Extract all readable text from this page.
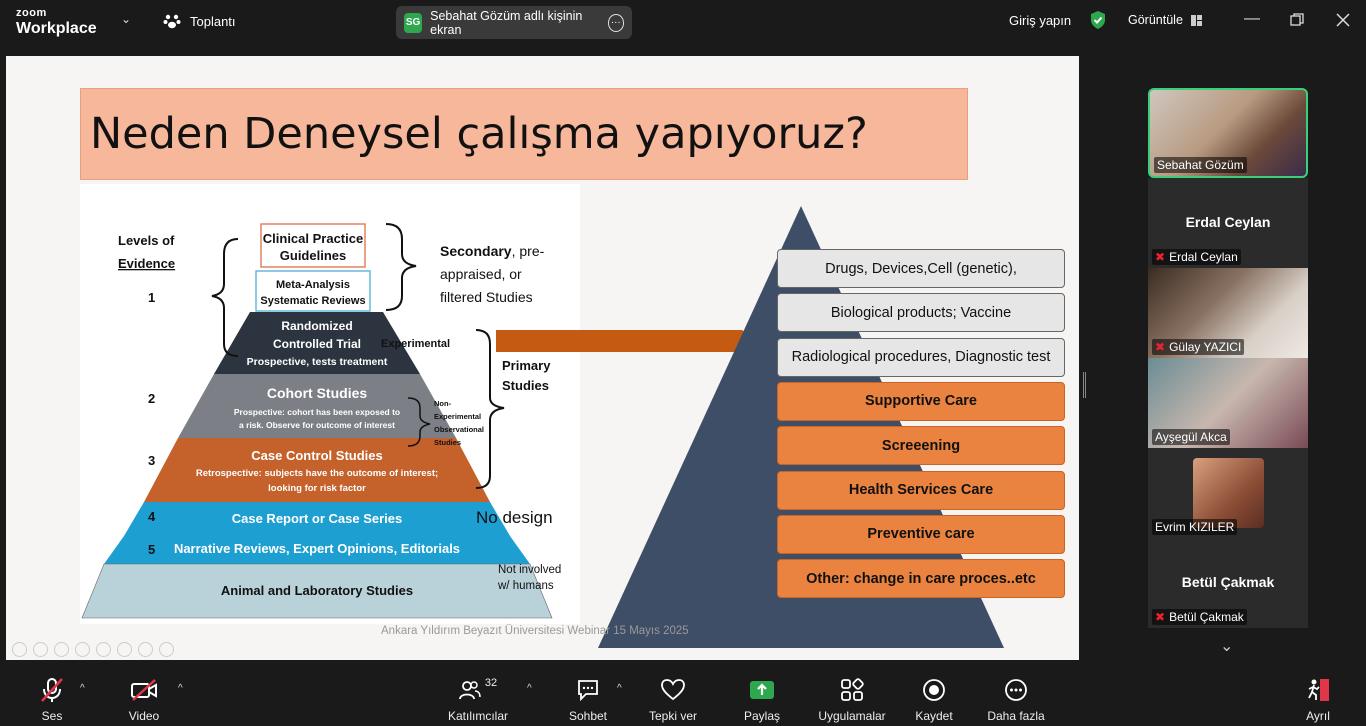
zoom
Workplace
⌄	Toplantı	SG Sebahat Gözüm adlı kişinin ekran
···	Giriş yapın	Görüntüle	—
Neden Deneysel çalışma yapıyoruz?
Levels of
Evidence
1
2
3
4
5
Clinical Practice
Guidelines
Meta-Analysis
Systematic Reviews
Randomized
Controlled Trial
Prospective, tests treatment
Cohort Studies
Prospective: cohort has been exposed to
a risk. Observe for outcome of interest
Case Control Studies
Retrospective: subjects have the outcome of interest;
looking for risk factor
Case Report or Case Series
Narrative Reviews, Expert Opinions, Editorials
Animal and Laboratory Studies
Secondary, pre-
appraised, or
filtered Studies
Experimental
Primary
Studies
Non-
Experimental
Observational
Studies
No design
Not involved
w/ humans
Drugs, Devices,Cell (genetic),
Biological products; Vaccine
Radiological procedures, Diagnostic test
Supportive Care
Screeening
Health Services Care
Preventive care
Other: change in care proces..etc
Ankara Yıldırım Beyazıt Üniversitesi Webinar 15 Mayıs 2025
Sebahat Gözüm
Erdal Ceylan
✖ Erdal Ceylan
✖ Gülay YAZICI
Ayşegül Akca
Evrim KIZILER
Betül Çakmak
✖ Betül Çakmak
⌄
Ses
^
Video
^	32
Katılımcılar
^
Sohbet
^
Tepki ver	Paylaş	Uygulamalar Kaydet	Daha fazla	Ayrıl
